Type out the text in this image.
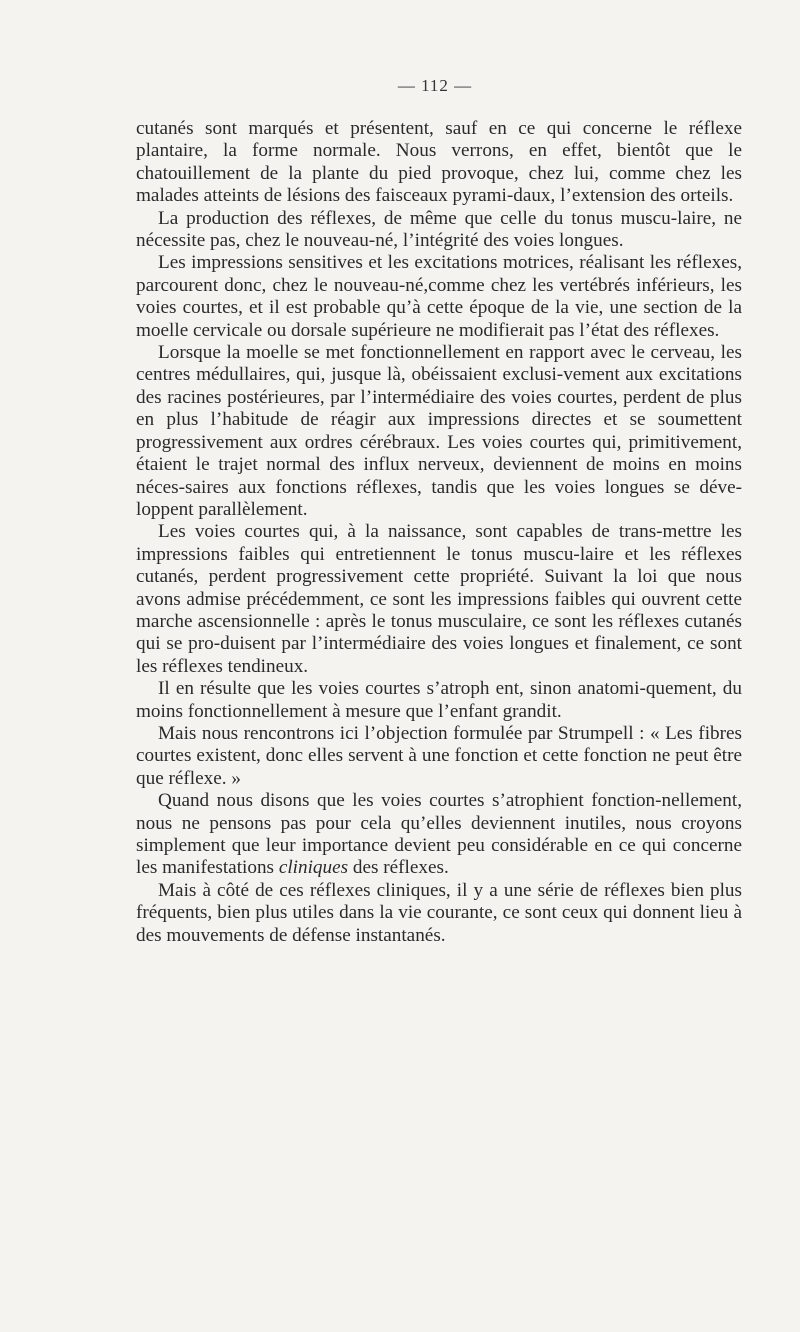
— 112 —

cutanés sont marqués et présentent, sauf en ce qui concerne le réflexe plantaire, la forme normale. Nous verrons, en effet, bientôt que le chatouillement de la plante du pied provoque, chez lui, comme chez les malades atteints de lésions des faisceaux pyrami-daux, l’extension des orteils.

La production des réflexes, de même que celle du tonus muscu-laire, ne nécessite pas, chez le nouveau-né, l’intégrité des voies longues.

Les impressions sensitives et les excitations motrices, réalisant les réflexes, parcourent donc, chez le nouveau-né,comme chez les vertébrés inférieurs, les voies courtes, et il est probable qu’à cette époque de la vie, une section de la moelle cervicale ou dorsale supérieure ne modifierait pas l’état des réflexes.

Lorsque la moelle se met fonctionnellement en rapport avec le cerveau, les centres médullaires, qui, jusque là, obéissaient exclusi-vement aux excitations des racines postérieures, par l’intermédiaire des voies courtes, perdent de plus en plus l’habitude de réagir aux impressions directes et se soumettent progressivement aux ordres cérébraux. Les voies courtes qui, primitivement, étaient le trajet normal des influx nerveux, deviennent de moins en moins néces-saires aux fonctions réflexes, tandis que les voies longues se déve-loppent parallèlement.

Les voies courtes qui, à la naissance, sont capables de trans-mettre les impressions faibles qui entretiennent le tonus muscu-laire et les réflexes cutanés, perdent progressivement cette propriété. Suivant la loi que nous avons admise précédemment, ce sont les impressions faibles qui ouvrent cette marche ascensionnelle : après le tonus musculaire, ce sont les réflexes cutanés qui se pro-duisent par l’intermédiaire des voies longues et finalement, ce sont les réflexes tendineux.

Il en résulte que les voies courtes s’atroph ent, sinon anatomi-quement, du moins fonctionnellement à mesure que l’enfant grandit.

Mais nous rencontrons ici l’objection formulée par Strumpell : « Les fibres courtes existent, donc elles servent à une fonction et cette fonction ne peut être que réflexe. »

Quand nous disons que les voies courtes s’atrophient fonction-nellement, nous ne pensons pas pour cela qu’elles deviennent inutiles, nous croyons simplement que leur importance devient peu considérable en ce qui concerne les manifestations cliniques des réflexes.

Mais à côté de ces réflexes cliniques, il y a une série de réflexes bien plus fréquents, bien plus utiles dans la vie courante, ce sont ceux qui donnent lieu à des mouvements de défense instantanés.
